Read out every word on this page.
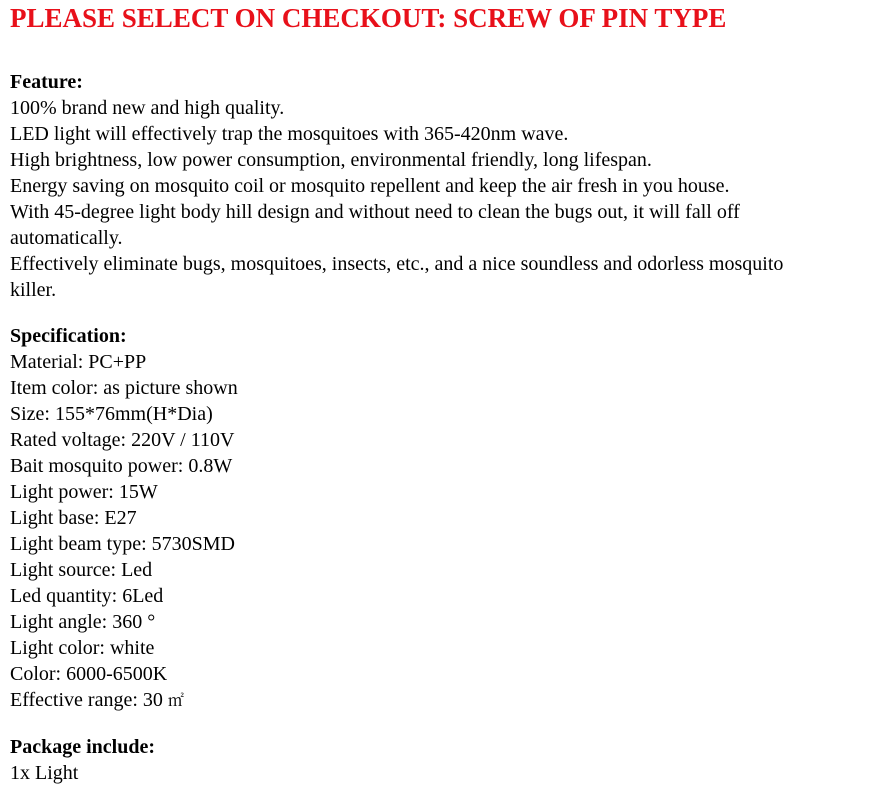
PLEASE SELECT ON CHECKOUT: SCREW OF PIN TYPE
Feature:
100% brand new and high quality.
LED light will effectively trap the mosquitoes with 365-420nm wave.
High brightness, low power consumption, environmental friendly, long lifespan.
Energy saving on mosquito coil or mosquito repellent and keep the air fresh in you house.
With 45-degree light body hill design and without need to clean the bugs out, it will fall off
automatically.
Effectively eliminate bugs, mosquitoes, insects, etc., and a nice soundless and odorless mosquito
killer.
Specification:
Material: PC+PP
Item color: as picture shown
Size: 155*76mm(H*Dia)
Rated voltage: 220V / 110V
Bait mosquito power: 0.8W
Light power: 15W
Light base: E27
Light beam type: 5730SMD
Light source: Led
Led quantity: 6Led
Light angle: 360 °
Light color: white
Color: 6000-6500K
Effective range: 30 ㎡
Package include:
1x Light
